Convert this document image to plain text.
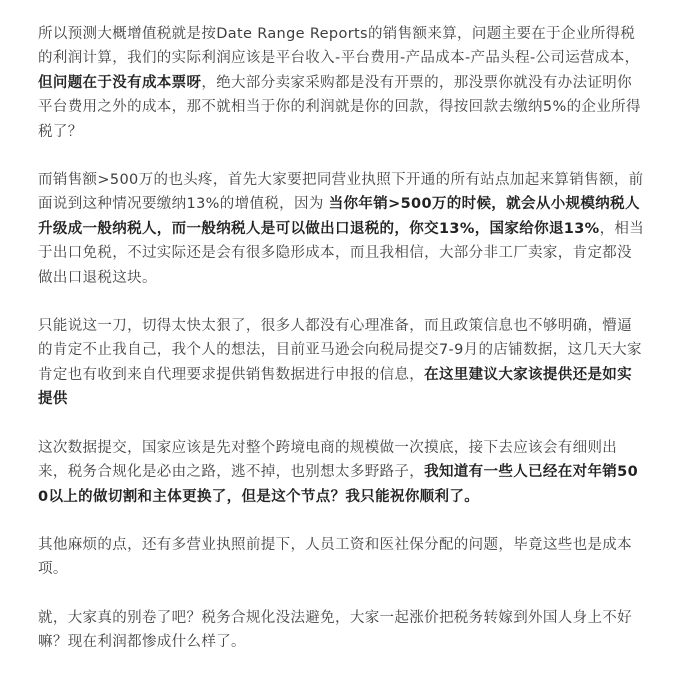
所以预测大概增值税就是按Date Range Reports的销售额来算，问题主要在于企业所得税的利润计算，我们的实际利润应该是平台收入-平台费用-产品成本-产品头程-公司运营成本，但问题在于没有成本票呀，绝大部分卖家采购都是没有开票的，那没票你就没有办法证明你平台费用之外的成本，那不就相当于你的利润就是你的回款，得按回款去缴纳5%的企业所得税了？

而销售额>500万的也头疼，首先大家要把同营业执照下开通的所有站点加起来算销售额，前面说到这种情况要缴纳13%的增值税，因为 当你年销>500万的时候，就会从小规模纳税人升级成一般纳税人，而一般纳税人是可以做出口退税的，你交13%，国家给你退13%，相当于出口免税，不过实际还是会有很多隐形成本，而且我相信，大部分非工厂卖家，肯定都没做出口退税这块。

只能说这一刀，切得太快太狠了，很多人都没有心理准备，而且政策信息也不够明确，懵逼的肯定不止我自己，我个人的想法，目前亚马逊会向税局提交7-9月的店铺数据，这几天大家肯定也有收到来自代理要求提供销售数据进行申报的信息，在这里建议大家该提供还是如实提供

这次数据提交，国家应该是先对整个跨境电商的规模做一次摸底，接下去应该会有细则出来，税务合规化是必由之路，逃不掉，也别想太多野路子，我知道有一些人已经在对年销500以上的做切割和主体更换了，但是这个节点？我只能祝你顺利了。

其他麻烦的点，还有多营业执照前提下，人员工资和医社保分配的问题，毕竟这些也是成本项。

就，大家真的别卷了吧？税务合规化没法避免，大家一起涨价把税务转嫁到外国人身上不好嘛？现在利润都惨成什么样了。
